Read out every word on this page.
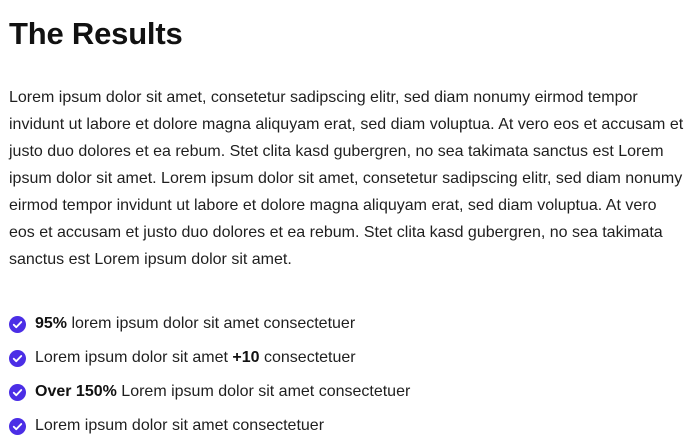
The Results

Lorem ipsum dolor sit amet, consetetur sadipscing elitr, sed diam nonumy eirmod tempor invidunt ut labore et dolore magna aliquyam erat, sed diam voluptua. At vero eos et accusam et justo duo dolores et ea rebum. Stet clita kasd gubergren, no sea takimata sanctus est Lorem ipsum dolor sit amet. Lorem ipsum dolor sit amet, consetetur sadipscing elitr, sed diam nonumy eirmod tempor invidunt ut labore et dolore magna aliquyam erat, sed diam voluptua. At vero eos et accusam et justo duo dolores et ea rebum. Stet clita kasd gubergren, no sea takimata sanctus est Lorem ipsum dolor sit amet.

95% lorem ipsum dolor sit amet consectetuer
Lorem ipsum dolor sit amet +10 consectetuer
Over 150% Lorem ipsum dolor sit amet consectetuer
Lorem ipsum dolor sit amet consectetuer
